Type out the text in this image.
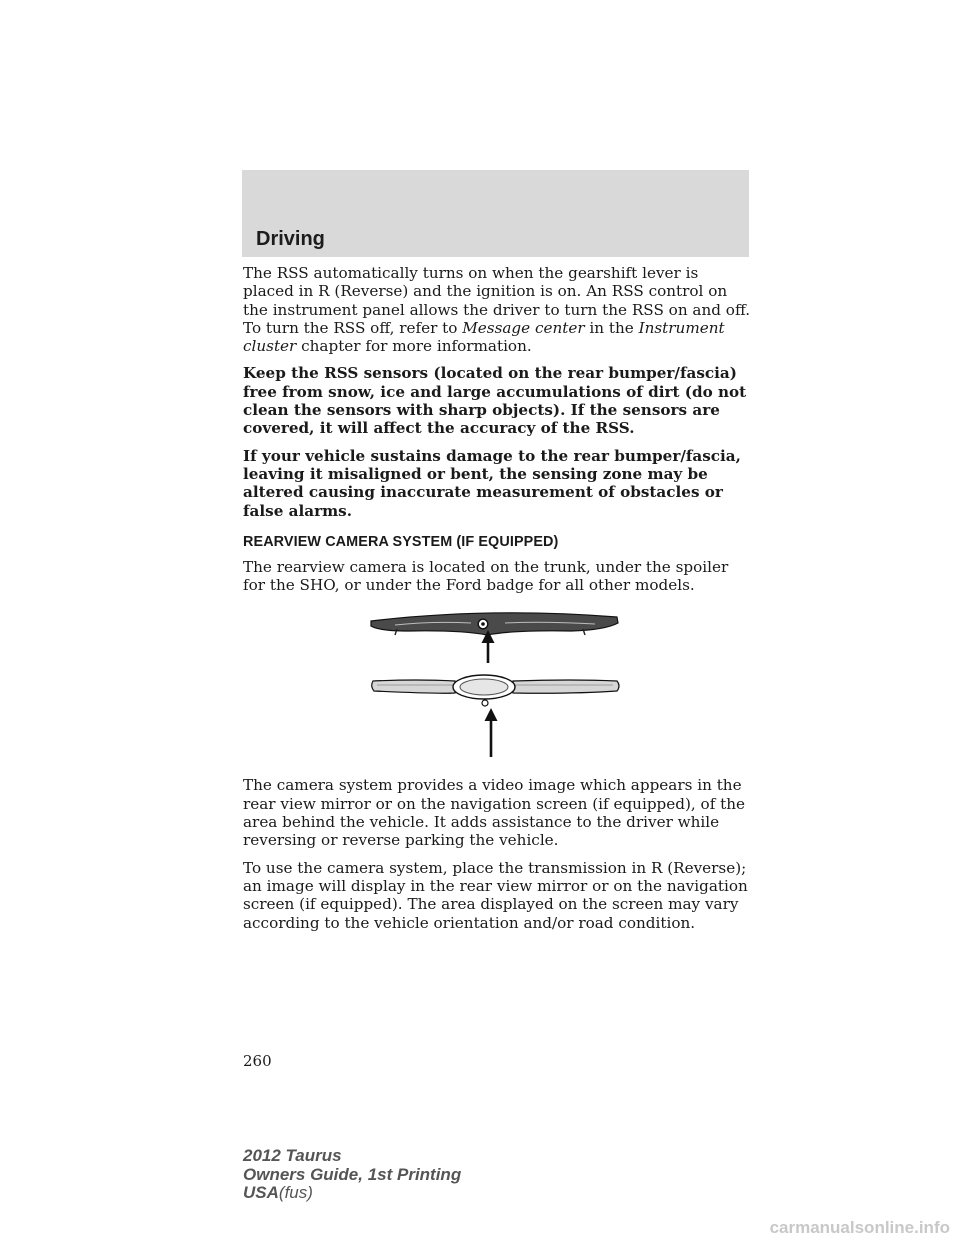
Driving

The RSS automatically turns on when the gearshift lever is placed in R (Reverse) and the ignition is on. An RSS control on the instrument panel allows the driver to turn the RSS on and off. To turn the RSS off, refer to Message center in the Instrument cluster chapter for more information.

Keep the RSS sensors (located on the rear bumper/fascia) free from snow, ice and large accumulations of dirt (do not clean the sensors with sharp objects). If the sensors are covered, it will affect the accuracy of the RSS.

If your vehicle sustains damage to the rear bumper/fascia, leaving it misaligned or bent, the sensing zone may be altered causing inaccurate measurement of obstacles or false alarms.

REARVIEW CAMERA SYSTEM (IF EQUIPPED)

The rearview camera is located on the trunk, under the spoiler for the SHO, or under the Ford badge for all other models.

The camera system provides a video image which appears in the rear view mirror or on the navigation screen (if equipped), of the area behind the vehicle. It adds assistance to the driver while reversing or reverse parking the vehicle.

To use the camera system, place the transmission in R (Reverse); an image will display in the rear view mirror or on the navigation screen (if equipped). The area displayed on the screen may vary according to the vehicle orientation and/or road condition.

260

2012 Taurus
Owners Guide, 1st Printing
USA(fus)
carmanualsonline.info
